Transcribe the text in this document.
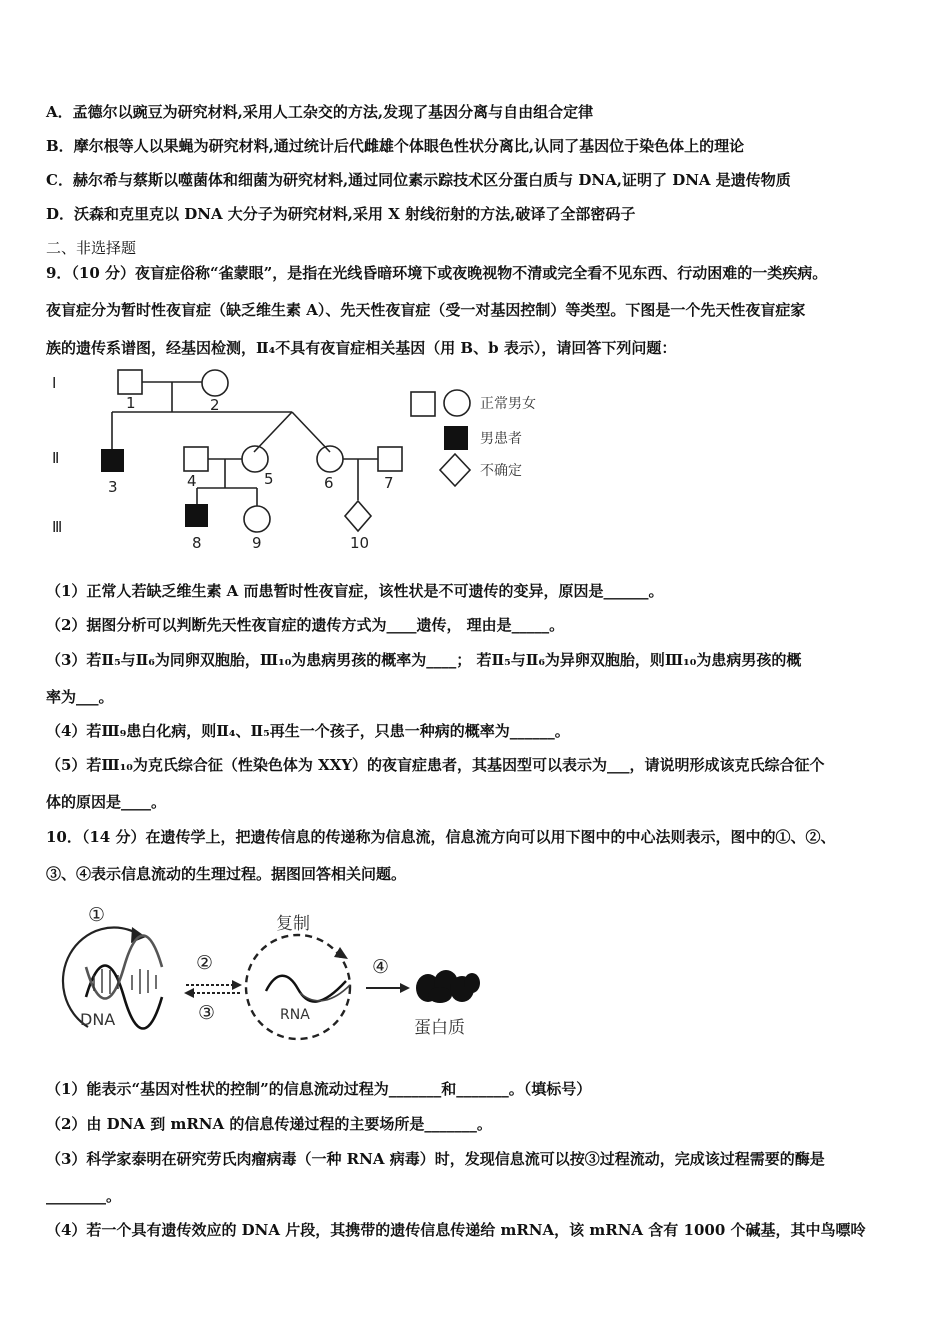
A．孟德尔以豌豆为研究材料,采用人工杂交的方法,发现了基因分离与自由组合定律
B．摩尔根等人以果蝇为研究材料,通过统计后代雌雄个体眼色性状分离比,认同了基因位于染色体上的理论
C．赫尔希与蔡斯以噬菌体和细菌为研究材料,通过同位素示踪技术区分蛋白质与 DNA,证明了 DNA 是遗传物质
D．沃森和克里克以 DNA 大分子为研究材料,采用 X 射线衍射的方法,破译了全部密码子
二、非选择题
9．（10 分）夜盲症俗称“雀蒙眼”，是指在光线昏暗环境下或夜晚视物不清或完全看不见东西、行动困难的一类疾病。
夜盲症分为暂时性夜盲症（缺乏维生素 A）、先天性夜盲症（受一对基因控制）等类型。下图是一个先天性夜盲症家
族的遗传系谱图，经基因检测，Ⅱ₄不具有夜盲症相关基因（用 B、b 表示），请回答下列问题：
Ⅰ
Ⅱ
Ⅲ
1	2
3	4	5	6	7
8	9	10
正常男女
男患者
不确定
（1）正常人若缺乏维生素 A 而患暂时性夜盲症，该性状是不可遗传的变异，原因是______。
（2）据图分析可以判断先天性夜盲症的遗传方式为____遗传， 理由是_____。
（3）若Ⅱ₅与Ⅱ₆为同卵双胞胎，Ⅲ₁₀为患病男孩的概率为____； 若Ⅱ₅与Ⅱ₆为异卵双胞胎，则Ⅲ₁₀为患病男孩的概
率为___。
（4）若Ⅲ₉患白化病，则Ⅱ₄、Ⅱ₅再生一个孩子，只患一种病的概率为______。
（5）若Ⅲ₁₀为克氏综合征（性染色体为 XXY）的夜盲症患者，其基因型可以表示为___，请说明形成该克氏综合征个
体的原因是____。
10．（14 分）在遗传学上，把遗传信息的传递称为信息流，信息流方向可以用下图中的中心法则表示，图中的①、②、
③、④表示信息流动的生理过程。据图回答相关问题。
①
DNA
②
③
复制
RNA
④
蛋白质
（1）能表示“基因对性状的控制”的信息流动过程为_______和_______。（填标号）
（2）由 DNA 到 mRNA 的信息传递过程的主要场所是_______。
（3）科学家泰明在研究劳氏肉瘤病毒（一种 RNA 病毒）时，发现信息流可以按③过程流动，完成该过程需要的酶是
________。
（4）若一个具有遗传效应的 DNA 片段，其携带的遗传信息传递给 mRNA，该 mRNA 含有 1000 个碱基，其中鸟嘌呤
